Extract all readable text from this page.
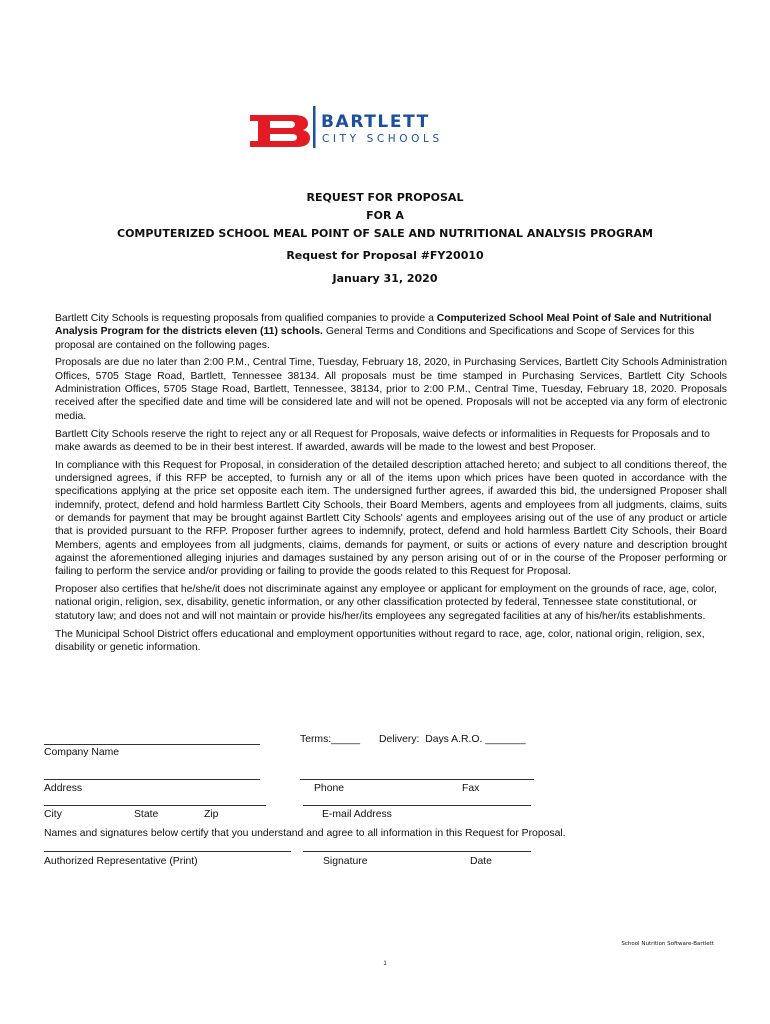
BARTLETT
CITY SCHOOLS
REQUEST FOR PROPOSAL
FOR A
COMPUTERIZED SCHOOL MEAL POINT OF SALE AND NUTRITIONAL ANALYSIS PROGRAM
Request for Proposal #FY20010
January 31, 2020

Bartlett City Schools is requesting proposals from qualified companies to provide a Computerized School Meal Point of Sale and Nutritional Analysis Program for the districts eleven (11) schools. General Terms and Conditions and Specifications and Scope of Services for this proposal are contained on the following pages.

Proposals are due no later than 2:00 P.M., Central Time, Tuesday, February 18, 2020, in Purchasing Services, Bartlett City Schools Administration Offices, 5705 Stage Road, Bartlett, Tennessee 38134. All proposals must be time stamped in Purchasing Services, Bartlett City Schools Administration Offices, 5705 Stage Road, Bartlett, Tennessee, 38134, prior to 2:00 P.M., Central Time, Tuesday, February 18, 2020. Proposals received after the specified date and time will be considered late and will not be opened. Proposals will not be accepted via any form of electronic media.

Bartlett City Schools reserve the right to reject any or all Request for Proposals, waive defects or informalities in Requests for Proposals and to make awards as deemed to be in their best interest. If awarded, awards will be made to the lowest and best Proposer.

In compliance with this Request for Proposal, in consideration of the detailed description attached hereto; and subject to all conditions thereof, the undersigned agrees, if this RFP be accepted, to furnish any or all of the items upon which prices have been quoted in accordance with the specifications applying at the price set opposite each item. The undersigned further agrees, if awarded this bid, the undersigned Proposer shall indemnify, protect, defend and hold harmless Bartlett City Schools, their Board Members, agents and employees from all judgments, claims, suits or demands for payment that may be brought against Bartlett City Schools' agents and employees arising out of the use of any product or article that is provided pursuant to the RFP. Proposer further agrees to indemnify, protect, defend and hold harmless Bartlett City Schools, their Board Members, agents and employees from all judgments, claims, demands for payment, or suits or actions of every nature and description brought against the aforementioned alleging injuries and damages sustained by any person arising out of or in the course of the Proposer performing or failing to perform the service and/or providing or failing to provide the goods related to this Request for Proposal.

Proposer also certifies that he/she/it does not discriminate against any employee or applicant for employment on the grounds of race, age, color, national origin, religion, sex, disability, genetic information, or any other classification protected by federal, Tennessee state constitutional, or statutory law; and does not and will not maintain or provide his/her/its employees any segregated facilities at any of his/her/its establishments.

The Municipal School District offers educational and employment opportunities without regard to race, age, color, national origin, religion, sex, disability or genetic information.

Terms:_____ Delivery:  Days A.R.O. _______
Company Name
Address	Phone	Fax
City	State	Zip	E-mail Address
Names and signatures below certify that you understand and agree to all information in this Request for Proposal.
Authorized Representative (Print)	Signature	Date
School Nutrition Software-Bartlett
1
